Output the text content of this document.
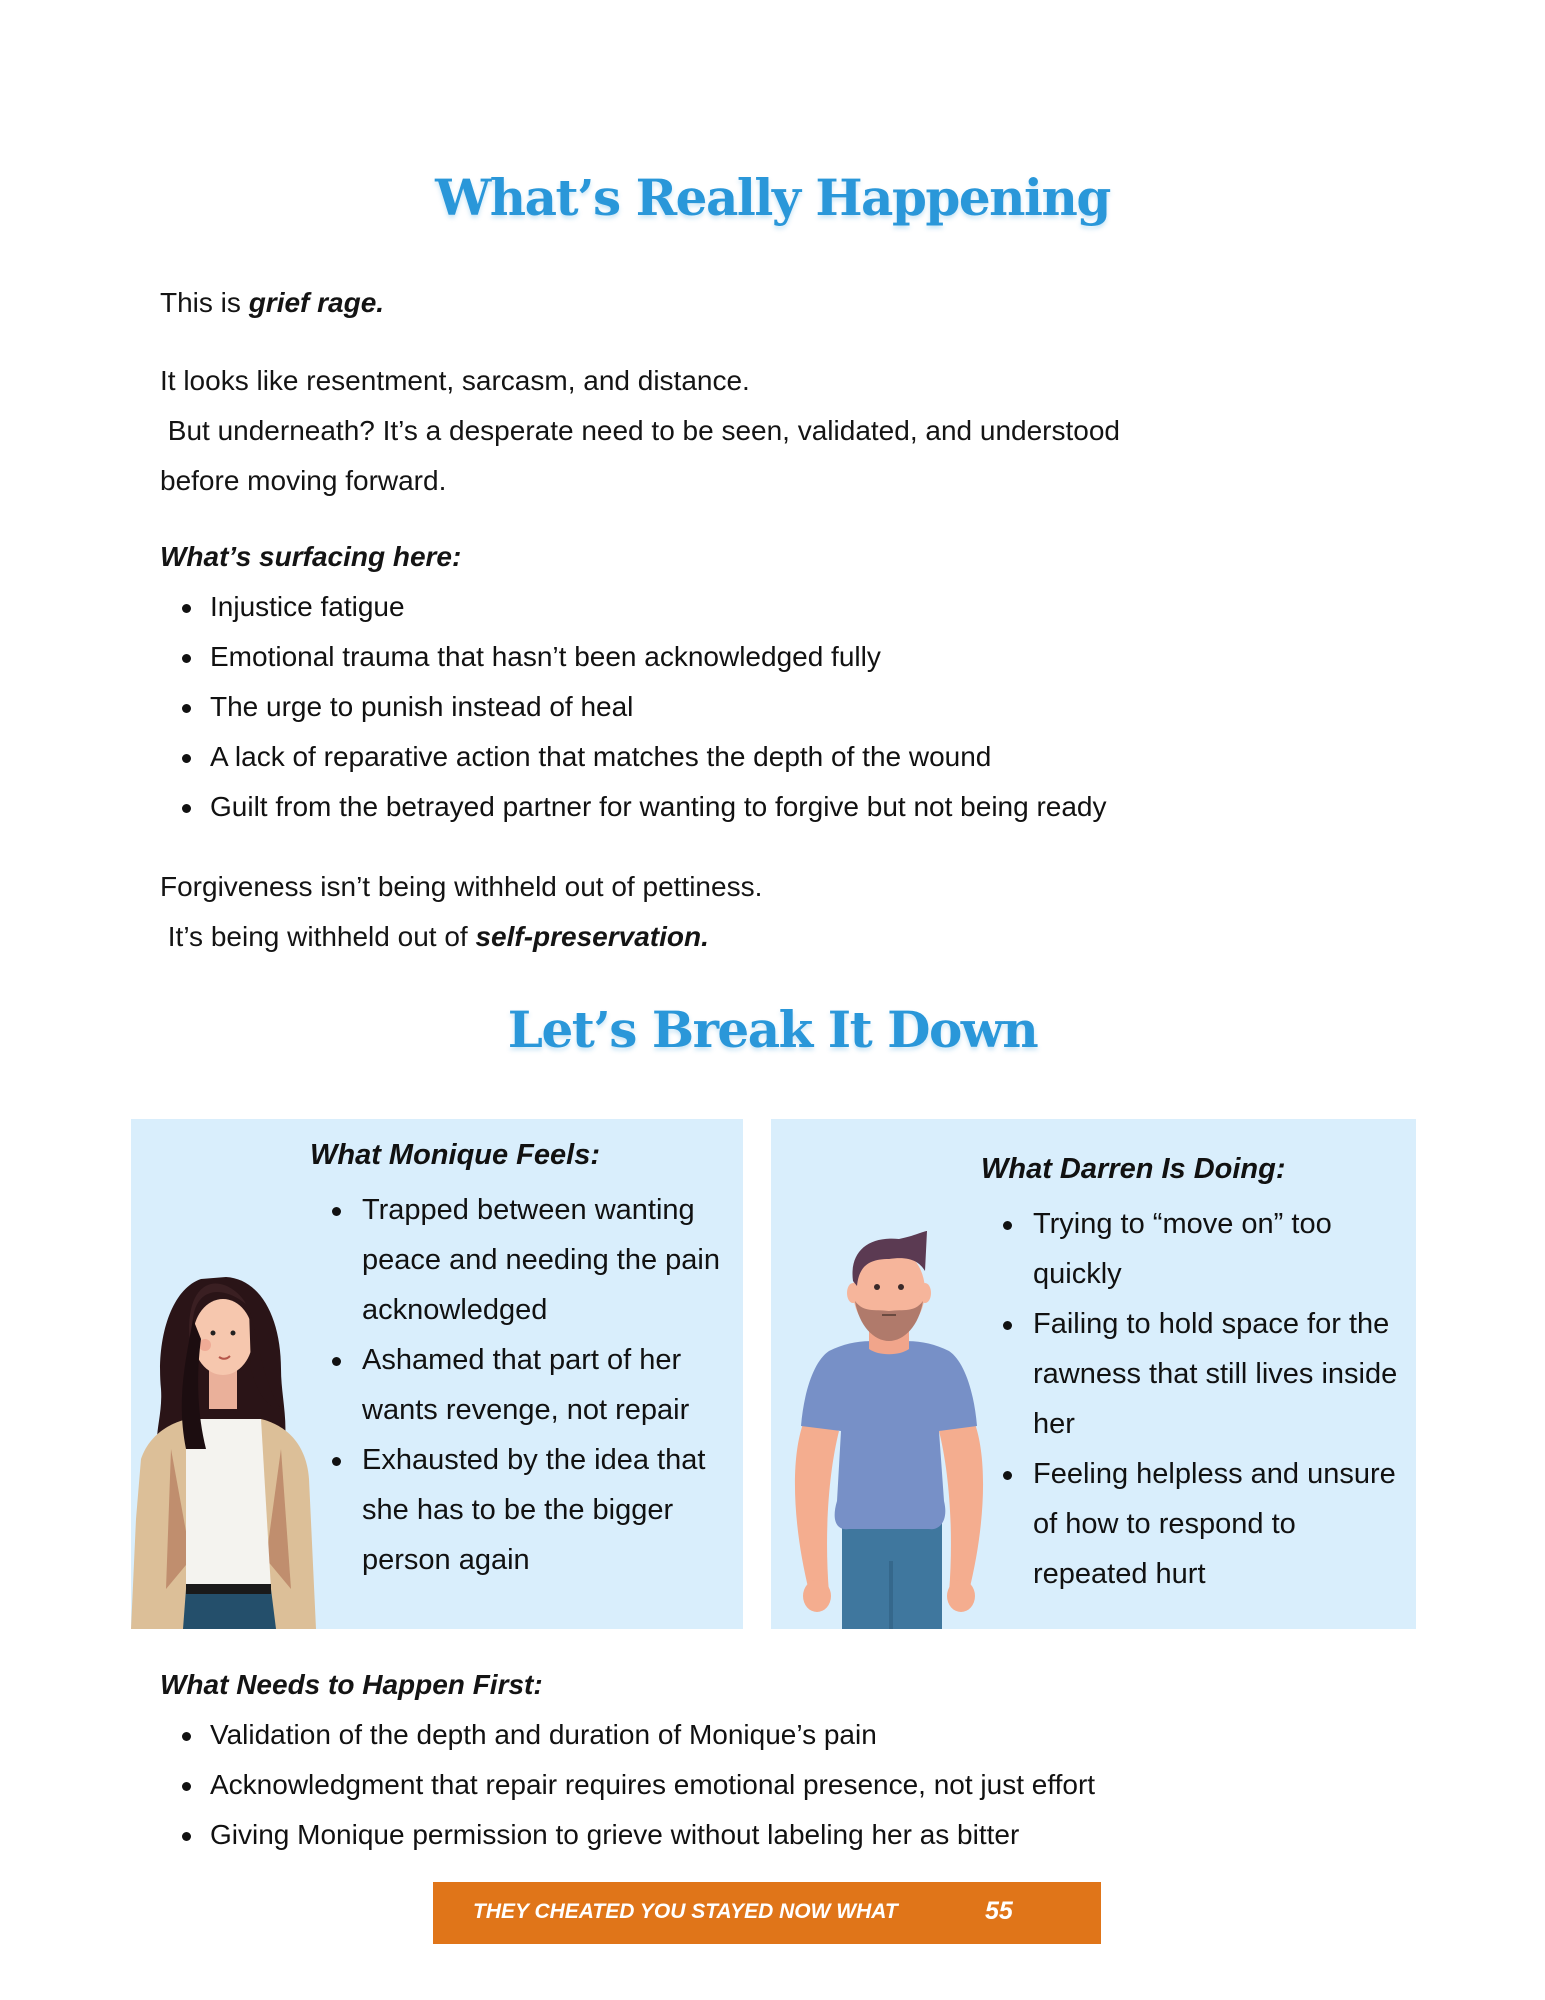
What’s Really Happening
This is grief rage.
It looks like resentment, sarcasm, and distance.
But underneath? It’s a desperate need to be seen, validated, and understood
before moving forward.
What’s surfacing here:
Injustice fatigue
Emotional trauma that hasn’t been acknowledged fully
The urge to punish instead of heal
A lack of reparative action that matches the depth of the wound
Guilt from the betrayed partner for wanting to forgive but not being ready
Forgiveness isn’t being withheld out of pettiness.
It’s being withheld out of self-preservation.
Let’s Break It Down
What Monique Feels:
Trapped between wanting peace and needing the pain acknowledged
Ashamed that part of her wants revenge, not repair
Exhausted by the idea that she has to be the bigger person again
What Darren Is Doing:
Trying to “move on” too quickly
Failing to hold space for the rawness that still lives inside her
Feeling helpless and unsure of how to respond to repeated hurt
What Needs to Happen First:
Validation of the depth and duration of Monique’s pain
Acknowledgment that repair requires emotional presence, not just effort
Giving Monique permission to grieve without labeling her as bitter
THEY CHEATED YOU STAYED NOW WHAT	55
